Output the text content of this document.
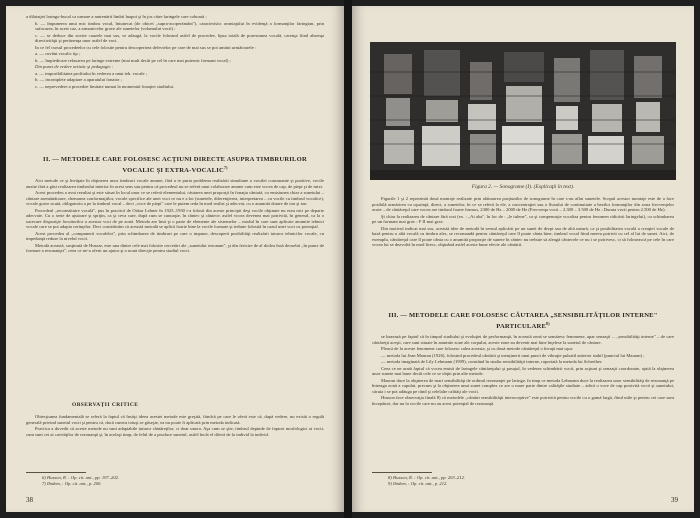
a dilataţiei laringo-bucal ca urmare a antrenării limbii înapoi şi în jos către laringele care coboară ;

b. — împunerea unui mic timbru vocal, întunecat (de obicei „supra-acoperământ"), caracteristic avantajului în evidenţă a formanţilor faringian, prin sufocarea, în acest caz, a armonicelor grave ale sunetelor (volumului vocii) ;

c. — se deduce din aceste cauzele mai sus, se adaugă, la vocile folosind astfel de procedee, lipsa totală de posesiunea vocală, carenţa fiind absenţa directivităţii şi pertinenţa unor astfel de voci.

In ce fel cursul procedeelor cu cele folosite pentru descoperirea defectelor pe care de mai sus se pot aminti următoarele :

a. — cuvânt vocalic tip ;

b. — împiedicare relaxarea pe laringe extreme (mai mult decât pe cel în care mai puternic formant vocal) ;

Din punct de vedere artistic şi pedagogic :

a. — imposibilitatea profitului în vederea a unui teh. vocale ;

b. — incomplete adaptare a aparatului fonator ;

c. — neprevedere a procedee limitate numai la momentul fonaţiei studiului.

II. — METODELE CARE FOLOSESC ACŢIUNI DIRECTE ASUPRA TIMBRURILOR VOCALIC ŞI EXTRA-VOCALIC$^{7)}$

Aici metode ce şi învăţate în obţinerea unor timbruri vocale anume, fără a te purta problema realizării simultane a vocalei consonante şi pozitive, vocile auzite fără a găsi realizarea timbrului interior în acest sens sau pentru că procedeul nu se referă unui colaborare anume cum este vocea de cap, de piept şi de mixt.

Acest procedeu a avut rezultat şi este situat în locul unor ce se referă elementului, căutarea unei proporţii în fonaţia cântată, cu emisiunea chiar a sunetului – cântare asemănătoare, chemarea conformaţiilor, vocale specifice ale unei voci ce nu e a lor (sunetele, diferenţierea, interpretarea – cu vocile cu timbrul vocalice), vocale grave acută, obligatoriu a pe la timbrul vocal – deci „voce de piept" care le putem reda în mod realist şi adecvat, cu o anumită dotare de ton şi ton.

Procedeul „reconstituire vocală", pus în practică de Oskar Lehner în 1925–1930 i-a folosit din aceste principii deşi vocile obţinute nu erau nici pe departe adecvate. Cu o serie de ajutoare şi sprijin, ca şi ceva care, după cum se cunoaşte, în cântec şi cântece, astfel vocea devenea mai potrivită, în general, ca la o oarecare dispoziţie locuitorilor a acestor voci de pe zonă. Metoda are însă şi o parte de elemente ale sistemelor – modul în care sunt aplicate anumite tehnici vocale care se pot adapta cerinţelor. Deci considerăm că această metodă se aplică foarte bine la vocile formate şi trebuie folosită în cazul unei voci cu potenţial.

Acest procedeu al „compunerii vocalelor", prin schimbarea de timbruri pe care o impune, descoperă posibilităţi realizării tuturor tehnicilor vocale, cu impedanţă reduse la nivelul vocii.

Metodă această, susţinută de Huszar, este una dintre cele mai folosite cercetări ale „sunetului rezonant", şi din fericire de al doilea însă deosebit „în punct de formare a rezonanţei", ceea ce ne-a oferit un ajutor şi o nouă direcţie pentru studiul vocii.

OBSERVAŢII CRITICE

Obiecţiunea fundamentală se referă la faptul că însăşi ideea acestei metode este greşită, fiindcă pe care le oferă este că, după vedere, nu există o regulă generală privind sunetul vocii şi pentru că, dacă cumva totuşi se găseşte, ea nu poate fi aplicată prin metoda indicată.

Practica a dovedit că aceste metode nu sunt adaptabile tuturor cântăreţilor, ci doar unora. Aşa cum se ştie, timbrul depinde de faptori morfologici ai vocii, cum sunt cei ai cavităţilor de rezonanţă şi, în acelaşi timp, de felul de a produce sunetul, astfel încât el diferă de la individ la individ.

6) Husson, R. : Op. cit. ant., pp. 197–202.
7) Ibidem, : Op. cit. ant., p. 200.
38
Figura 2. — Sonograme (I). (Explicaţii în text).

Figurile 1 şi 2 reprezintă două montaje realizate prin alăturarea porţiunilor de sonograme în care s-au aflat sunetele. Scopul acestor montaje este de a face posibilă urmărirea cu uşurinţă, direct, a sunetelor, în ce se referă la ele, a concentraţiei sau a fluxului de continuitate a bezilor formanţilor din zona frecvenţelor acute – de cântăreţul care vocea are timbrul foarte frumos, 2300 de Hz – 2000 de Hz (Frecvenţa vocii – 2.300 – 3.500 de Hz ; Durata vocii pentru 2.500 de Hz).

Şi chiar la realizarea de cântare fără rost (ex. : „Ai aha", în loc de : „le tulene", ca şi compensaţie vocaliza pentru fenomen ridicării laringelui), cu schimbarea pe un formant mai grav : F II mai grav.

Din motivul indicat mai sus, această idee de metodă în sensul aplicării pe un sunet de drept sau de altă natură, ca şi posibilitatea vocală a creaţiei vocale de bază pentru o altă vocală cu timbru ales, se recomandă pentru cântăreţul care îl poate cânta bine, timbrul vocal fiind mereu potrivit cu cel al lui de sunet. Aici, de exemplu, cântăreţul care îl poate cânta cu o anumită proporţie de sunete în cântec nu trebuie să aleagă cântecele ce nu i se potrivesc, ci să folosească pe cele în care vocea lui se dezvoltă în mod firesc, obţinând astfel aceste bune efecte ale cântării.

III. — METODELE CARE FOLOSESC CĂUTAREA „SENSIBILITĂŢILOR INTERNE" PARTICULARE$^{8)}$

se bazează pe faptul că în timpul studiului şi evoluţiei de performanţă, în această zonă se urmăresc fenomene, apar senzaţii ... „sensibilităţi interne" – de care cântăreţii aceşti, care sunt situate în anumite zone ale corpului, aceste zone au devenit mai bine înţelese la sunetul de cântare.

Pleacă de la aceste fenomene care folosesc calea aceasta, şi cu două metode cântăreţul o învaţă mai uşor.

— metoda lui Jean Mauran (1926), folosind procedeul cântării şi menţinerii unui punct de vibraţie pulsatil anterior stabil (punctul lui Mauran) ;

— metoda imaginată de Lily Lehmann (1909), constând în studiu sensibilităţii interne, raportată la metoda lui Schreiber.

Ceea ce ne arată faptul că vocea emisă de laringele cântăreţului şi pasajul, în vederea schimbării vocii, prin acţiuni şi senzaţii coordonate, ajută la obţinerea unor sunete mai bune decât cele ce se obţin prin alte metode.

Mauran duce la obţinerea de mari sensibilităţi de ordinul rezonanţei pe laringe, în timp ce metoda Lehmann duce la realizarea unor sensibilităţi de rezonanţă pe întreaga zonă a capului, precum şi la obţinerea unui sunet complex ce are o mare parte dintre calităţile studiate – adică o voce de cap potrivită vocii şi sunetului, căruia i se pot adăuga pe rând şi celelalte calităţi ale vocii.

Husson face observaţia finală 8) că metodele „cântări sensibilităţii interoceptive" este potrivită pentru vocile cu o gamă largă, fiind utile şi pentru cei care sunt începători, dar nu la vocile care nu au acest potenţial de rezonanţă.

8) Husson, R. : Op. cit. ant., pp. 203–212.
9) Ibidem, : Op. cit. ant., p. 212.
39
